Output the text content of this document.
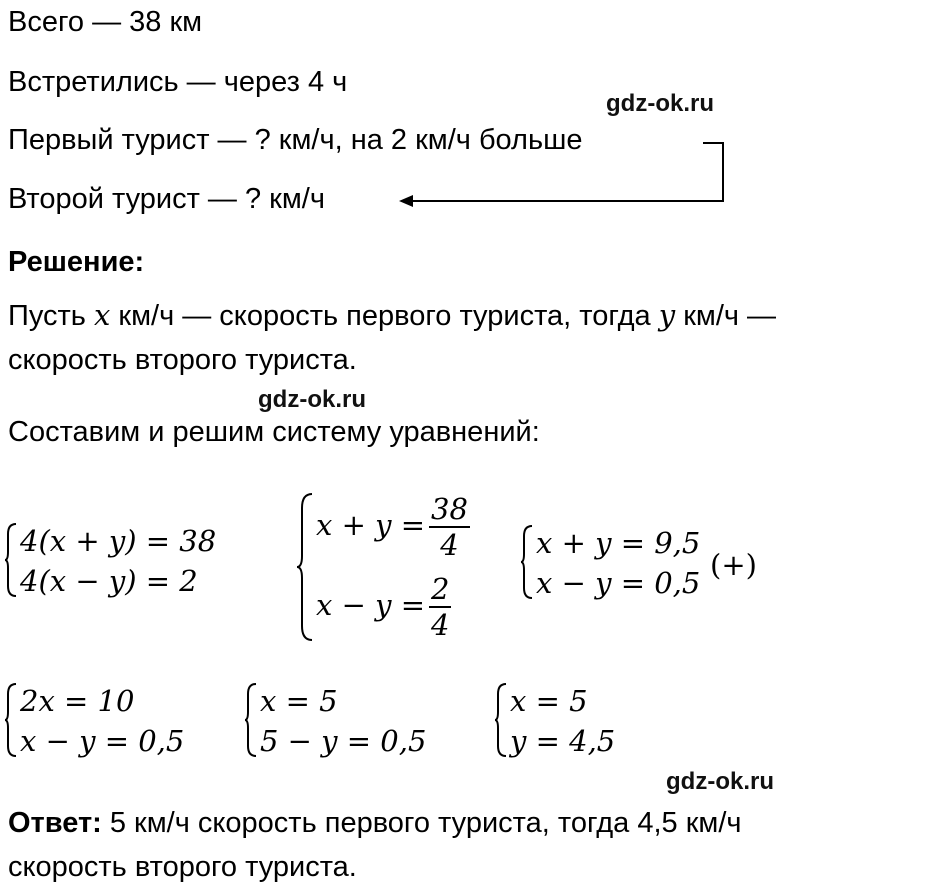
Всего — 38 км
Встретились — через 4 ч
Первый турист — ? км/ч, на 2 км/ч больше
Второй турист — ? км/ч
gdz-ok.ru
Решение:
Пусть x км/ч — скорость первого туриста, тогда y км/ч —
скорость второго туриста.
gdz-ok.ru
Составим и решим систему уравнений:
4(x + y) = 38
4(x − y) = 2
$x + y = \frac{38}{4}$
$x - y = \frac{2}{4}$
x + y = 9,5
x − y = 0,5
(+)
2x = 10
x − y = 0,5
x = 5
5 − y = 0,5
x = 5
y = 4,5
gdz-ok.ru
Ответ: 5 км/ч скорость первого туриста, тогда 4,5 км/ч
скорость второго туриста.
